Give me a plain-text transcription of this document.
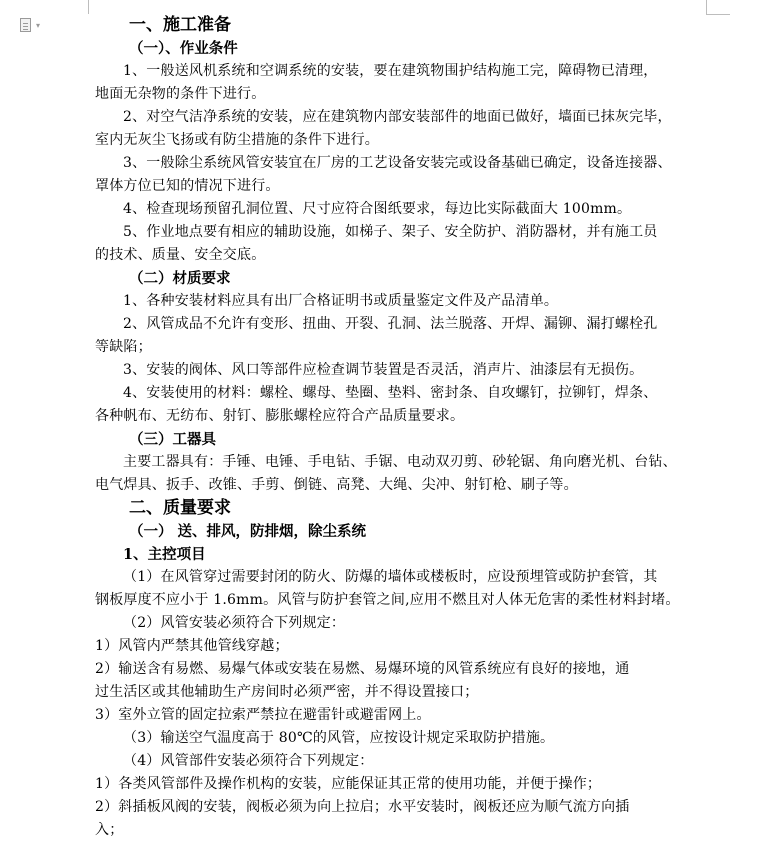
▾	一、施工准备
（一）、作业条件
1、一般送风机系统和空调系统的安装，要在建筑物围护结构施工完，障碍物已清理，
地面无杂物的条件下进行。
2、对空气洁净系统的安装，应在建筑物内部安装部件的地面已做好，墙面已抹灰完毕，
室内无灰尘飞扬或有防尘措施的条件下进行。
3、一般除尘系统风管安装宜在厂房的工艺设备安装完或设备基础已确定，设备连接器、
罩体方位已知的情况下进行。
4、检查现场预留孔洞位置、尺寸应符合图纸要求，每边比实际截面大 100mm。
5、作业地点要有相应的辅助设施，如梯子、架子、安全防护、消防器材，并有施工员
的技术、质量、安全交底。
（二）材质要求
1、各种安装材料应具有出厂合格证明书或质量鉴定文件及产品清单。
2、风管成品不允许有变形、扭曲、开裂、孔洞、法兰脱落、开焊、漏铆、漏打螺栓孔
等缺陷；
3、安装的阀体、风口等部件应检查调节装置是否灵活，消声片、油漆层有无损伤。
4、安装使用的材料：螺栓、螺母、垫圈、垫料、密封条、自攻螺钉，拉铆钉，焊条、
各种帆布、无纺布、射钉、膨胀螺栓应符合产品质量要求。
（三）工器具
主要工器具有：手锤、电锤、手电钻、手锯、电动双刃剪、砂轮锯、角向磨光机、台钻、
电气焊具、扳手、改锥、手剪、倒链、高凳、大绳、尖冲、射钉枪、刷子等。
二、质量要求
（一） 送、排风，防排烟，除尘系统
1、主控项目
（1）在风管穿过需要封闭的防火、防爆的墙体或楼板时，应设预埋管或防护套管，其
钢板厚度不应小于 1.6mm。风管与防护套管之间,应用不燃且对人体无危害的柔性材料封堵。
（2）风管安装必须符合下列规定：
1）风管内严禁其他管线穿越；
2）输送含有易燃、易爆气体或安装在易燃、易爆环境的风管系统应有良好的接地，通
过生活区或其他辅助生产房间时必须严密，并不得设置接口；
3）室外立管的固定拉索严禁拉在避雷针或避雷网上。
（3）输送空气温度高于 80℃的风管，应按设计规定采取防护措施。
（4）风管部件安装必须符合下列规定：
1）各类风管部件及操作机构的安装，应能保证其正常的使用功能，并便于操作；
2）斜插板风阀的安装，阀板必须为向上拉启；水平安装时，阀板还应为顺气流方向插
入；
